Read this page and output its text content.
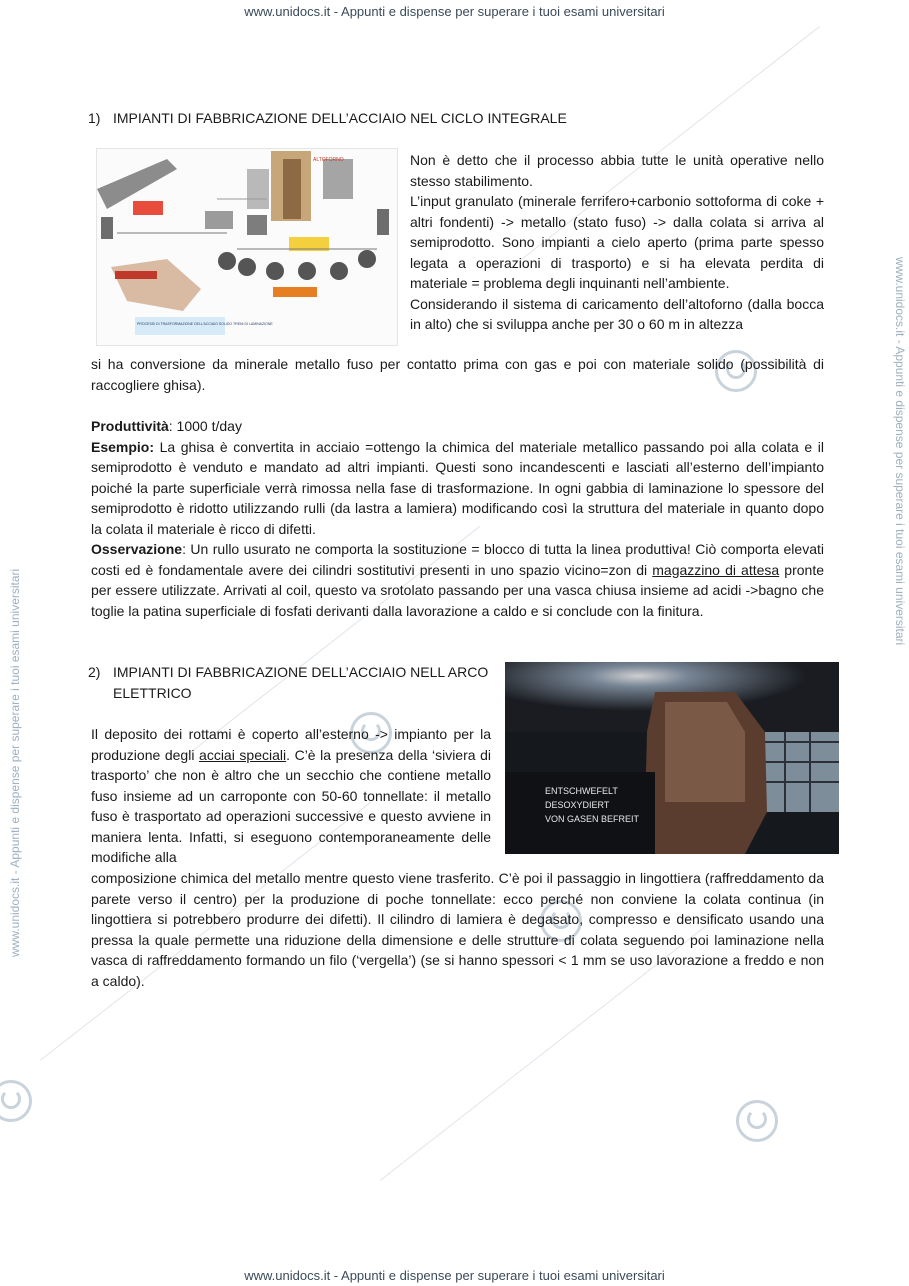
www.unidocs.it - Appunti e dispense per superare i tuoi esami universitari
www.unidocs.it - Appunti e dispense per superare i tuoi esami universitari
www.unidocs.it - Appunti e dispense per superare i tuoi esami universitari
www.unidocs.it - Appunti e dispense per superare i tuoi esami universitari
1) IMPIANTI DI FABBRICAZIONE DELL’ACCIAIO NEL CICLO INTEGRALE
ALTOFORNO
PROCESSI DI TRASFORMAZIONE DELL'ACCIAIO SOLIDO TRENI DI LAMINAZIONE

Non è detto che il processo abbia tutte le unità operative nello stesso stabilimento.

L’input granulato (minerale ferrifero+carbonio sottoforma di coke + altri fondenti) -> metallo (stato fuso) -> dalla colata si arriva al semiprodotto. Sono impianti a cielo aperto (prima parte spesso legata a operazioni di trasporto) e si ha elevata perdita di materiale = problema degli inquinanti nell’ambiente.

Considerando il sistema di caricamento dell’altoforno (dalla bocca in alto) che si sviluppa anche per 30 o 60 m in altezza

si ha conversione da minerale metallo fuso per contatto prima con gas e poi con materiale solido (possibilità di raccogliere ghisa).

Produttività: 1000 t/day

Esempio: La ghisa è convertita in acciaio =ottengo la chimica del materiale metallico passando poi alla colata e il semiprodotto è venduto e mandato ad altri impianti. Questi sono incandescenti e lasciati all’esterno dell’impianto poiché la parte superficiale verrà rimossa nella fase di trasformazione. In ogni gabbia di laminazione lo spessore del semiprodotto è ridotto utilizzando rulli (da lastra a lamiera) modificando così la struttura del materiale in quanto dopo la colata il materiale è ricco di difetti.

Osservazione: Un rullo usurato ne comporta la sostituzione = blocco di tutta la linea produttiva! Ciò comporta elevati costi ed è fondamentale avere dei cilindri sostitutivi presenti in uno spazio vicino=zon di magazzino di attesa pronte per essere utilizzate. Arrivati al coil, questo va srotolato passando per una vasca chiusa insieme ad acidi ->bagno che toglie la patina superficiale di fosfati derivanti dalla lavorazione a caldo e si conclude con la finitura.

2) IMPIANTI DI FABBRICAZIONE DELL’ACCIAIO NELL ARCO
ELETTRICO
ENTSCHWEFELT
DESOXYDIERT
VON GASEN BEFREIT

Il deposito dei rottami è coperto all’esterno -> impianto per la produzione degli acciai speciali. C’è la presenza della ‘siviera di trasporto’ che non è altro che un secchio che contiene metallo fuso insieme ad un carroponte con 50-60 tonnellate: il metallo fuso è trasportato ad operazioni successive e questo avviene in maniera lenta. Infatti, si eseguono contemporaneamente delle modifiche alla

composizione chimica del metallo mentre questo viene trasferito. C’è poi il passaggio in lingottiera (raffreddamento da parete verso il centro) per la produzione di poche tonnellate: ecco perché non conviene la colata continua (in lingottiera si potrebbero produrre dei difetti). Il cilindro di lamiera è degasato, compresso e densificato usando una pressa la quale permette una riduzione della dimensione e delle strutture di colata seguendo poi laminazione nella vasca di raffreddamento formando un filo (‘vergella’) (se si hanno spessori < 1 mm se uso lavorazione a freddo e non a caldo).
